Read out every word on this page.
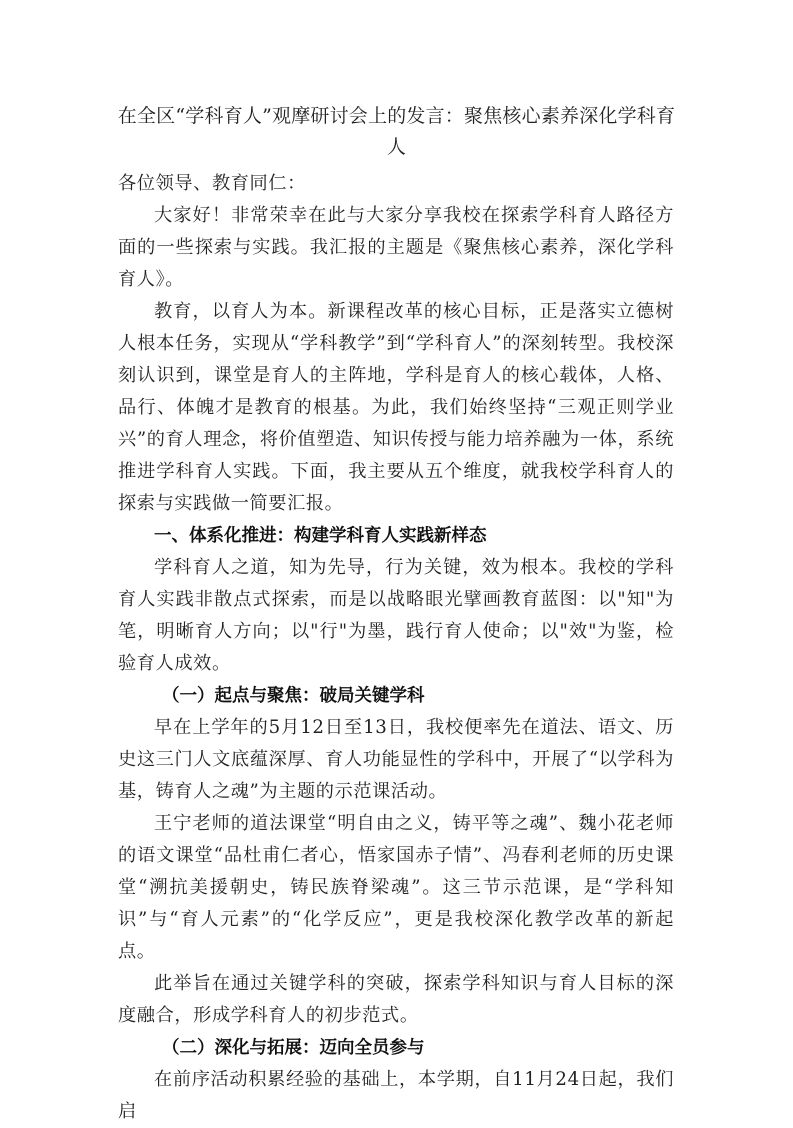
在全区“学科育人”观摩研讨会上的发言：聚焦核心素养深化学科育人

各位领导、教育同仁：

大家好！非常荣幸在此与大家分享我校在探索学科育人路径方面的一些探索与实践。我汇报的主题是《聚焦核心素养，深化学科育人》。

教育，以育人为本。新课程改革的核心目标，正是落实立德树人根本任务，实现从“学科教学”到“学科育人”的深刻转型。我校深刻认识到，课堂是育人的主阵地，学科是育人的核心载体，人格、品行、体魄才是教育的根基。为此，我们始终坚持“三观正则学业兴”的育人理念，将价值塑造、知识传授与能力培养融为一体，系统推进学科育人实践。下面，我主要从五个维度，就我校学科育人的探索与实践做一简要汇报。

一、体系化推进：构建学科育人实践新样态

学科育人之道，知为先导，行为关键，效为根本。我校的学科育人实践非散点式探索，而是以战略眼光擘画教育蓝图：以"知"为笔，明晰育人方向；以"行"为墨，践行育人使命；以"效"为鉴，检验育人成效。

（一）起点与聚焦：破局关键学科

早在上学年的5月12日至13日，我校便率先在道法、语文、历史这三门人文底蕴深厚、育人功能显性的学科中，开展了“以学科为基，铸育人之魂”为主题的示范课活动。

王宁老师的道法课堂“明自由之义，铸平等之魂”、魏小花老师的语文课堂“品杜甫仁者心，悟家国赤子情”、冯春利老师的历史课堂“溯抗美援朝史，铸民族脊梁魂”。这三节示范课，是“学科知识”与“育人元素”的“化学反应”，更是我校深化教学改革的新起点。

此举旨在通过关键学科的突破，探索学科知识与育人目标的深度融合，形成学科育人的初步范式。

（二）深化与拓展：迈向全员参与

在前序活动积累经验的基础上，本学期，自11月24日起，我们启
